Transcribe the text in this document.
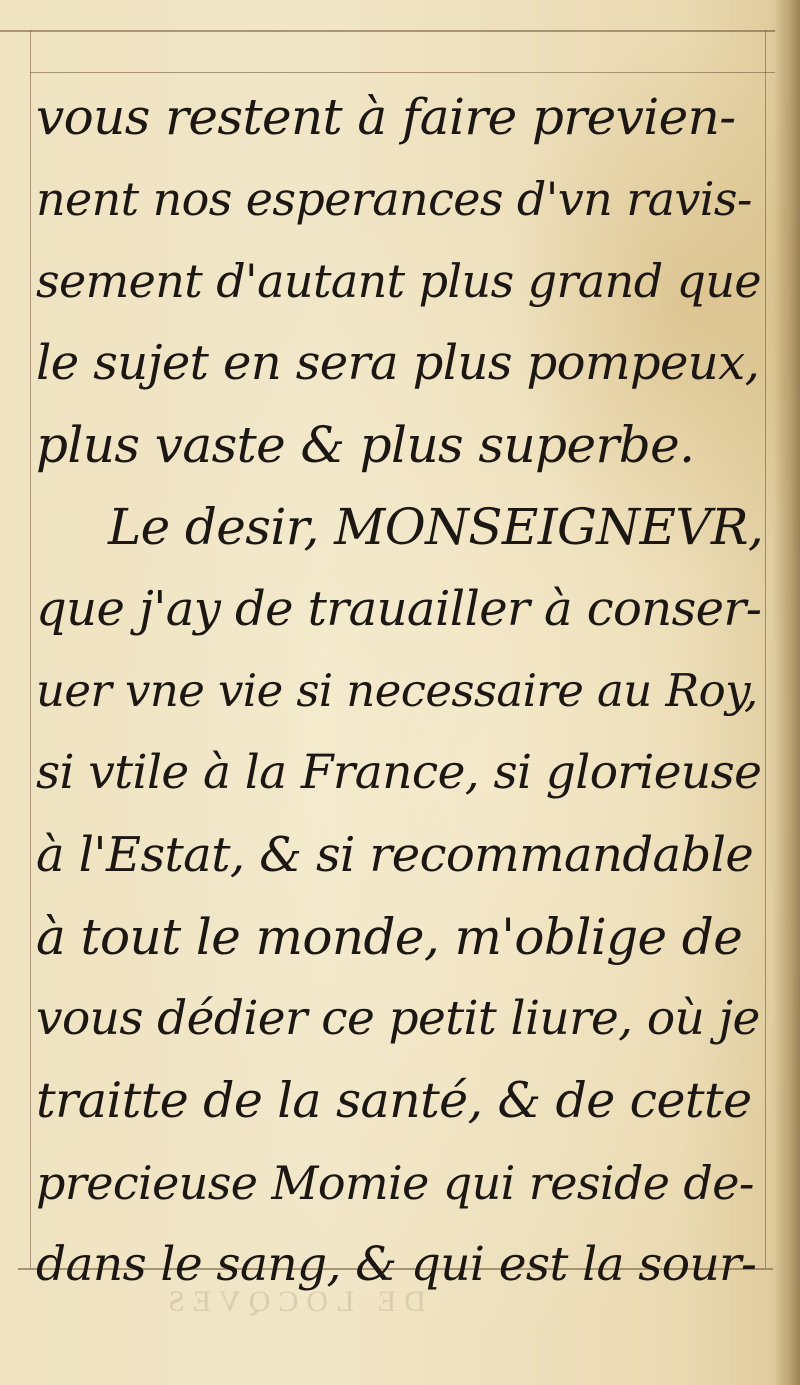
DE LOCQVES
vous restent à faire previen-
nent nos esperances d'vn ravis-
sement d'autant plus grand que
le sujet en sera plus pompeux,
plus vaste & plus superbe.
Le desir, MONSEIGNEVR,
que j'ay de trauailler à conser-
uer vne vie si necessaire au Roy,
si vtile à la France, si glorieuse
à l'Estat, & si recommandable
à tout le monde, m'oblige de
vous dédier ce petit liure, où je
traitte de la santé, & de cette
precieuse Momie qui reside de-
dans le sang, & qui est la sour-
